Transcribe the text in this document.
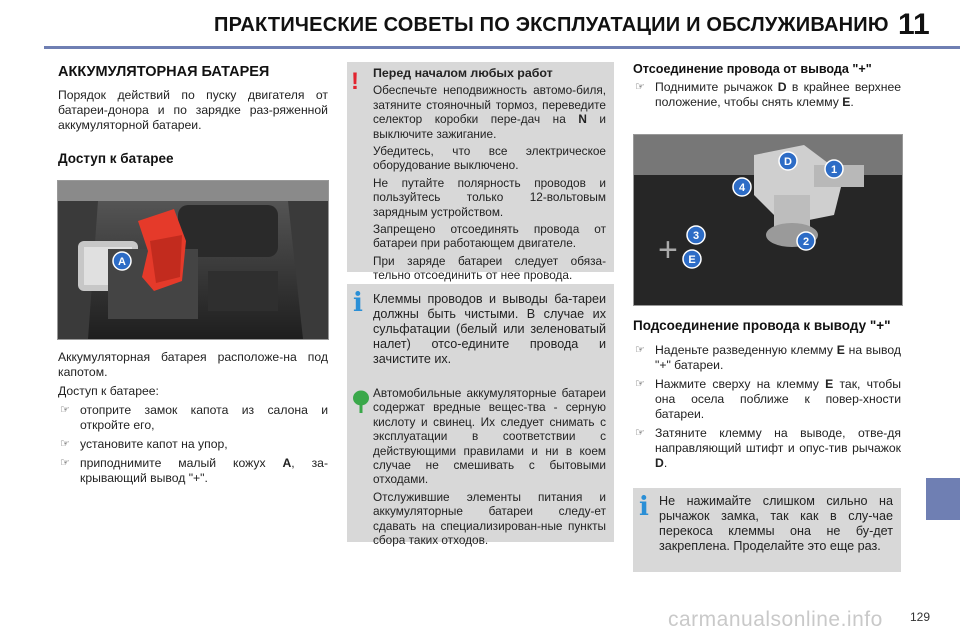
ПРАКТИЧЕСКИЕ СОВЕТЫ ПО ЭКСПЛУАТАЦИИ И ОБСЛУЖИВАНИЮ 11
129
carmanualsonline.info
АККУМУЛЯТОРНАЯ БАТАРЕЯ

Порядок действий по пуску двигателя от батареи-донора и по зарядке раз-ряженной аккумуляторной батареи.

Доступ к батарее
A

Аккумуляторная батарея расположе-на под капотом.

Доступ к батарее:

☞ отоприте замок капота из салона и откройте его,
☞ установите капот на упор,
☞ приподнимите малый кожух A, за-крывающий вывод "+".
! Перед началом любых работ

Обеспечьте неподвижность автомо-биля, затяните стояночный тормоз, переведите селектор коробки пере-дач на N и выключите зажигание.

Убедитесь, что все электрическое оборудование выключено.

Не путайте полярность проводов и пользуйтесь только 12-вольтовым зарядным устройством.

Запрещено отсоединять провода от батареи при работающем двигателе.

При заряде батареи следует обяза-тельно отсоединить от нее провода.

i Клеммы проводов и выводы ба-тареи должны быть чистыми. В случае их сульфатации (белый или зеленоватый налет) отсо-едините провода и зачистите их.

Автомобильные аккумуляторные батареи содержат вредные вещес-тва - серную кислоту и свинец. Их следует снимать с эксплуатации в соответствии с действующими правилами и ни в коем случае не смешивать с бытовыми отходами.

Отслужившие элементы питания и аккумуляторные батареи следу-ет сдавать на специализирован-ные пункты сбора таких отходов.

Отсоединение провода от вывода "+"
☞ Поднимите рычажок D в крайнее верхнее положение, чтобы снять клемму E.
+
1
2
3
4
D
E
Подсоединение провода к выводу "+"
☞ Наденьте разведенную клемму E на вывод "+" батареи.
☞ Нажмите сверху на клемму E так, чтобы она осела поближе к повер-хности батареи.
☞ Затяните клемму на выводе, отве-дя направляющий штифт и опус-тив рычажок D.
i Не нажимайте слишком сильно на рычажок замка, так как в слу-чае перекоса клеммы она не бу-дет закреплена. Продела​йте это еще раз.
